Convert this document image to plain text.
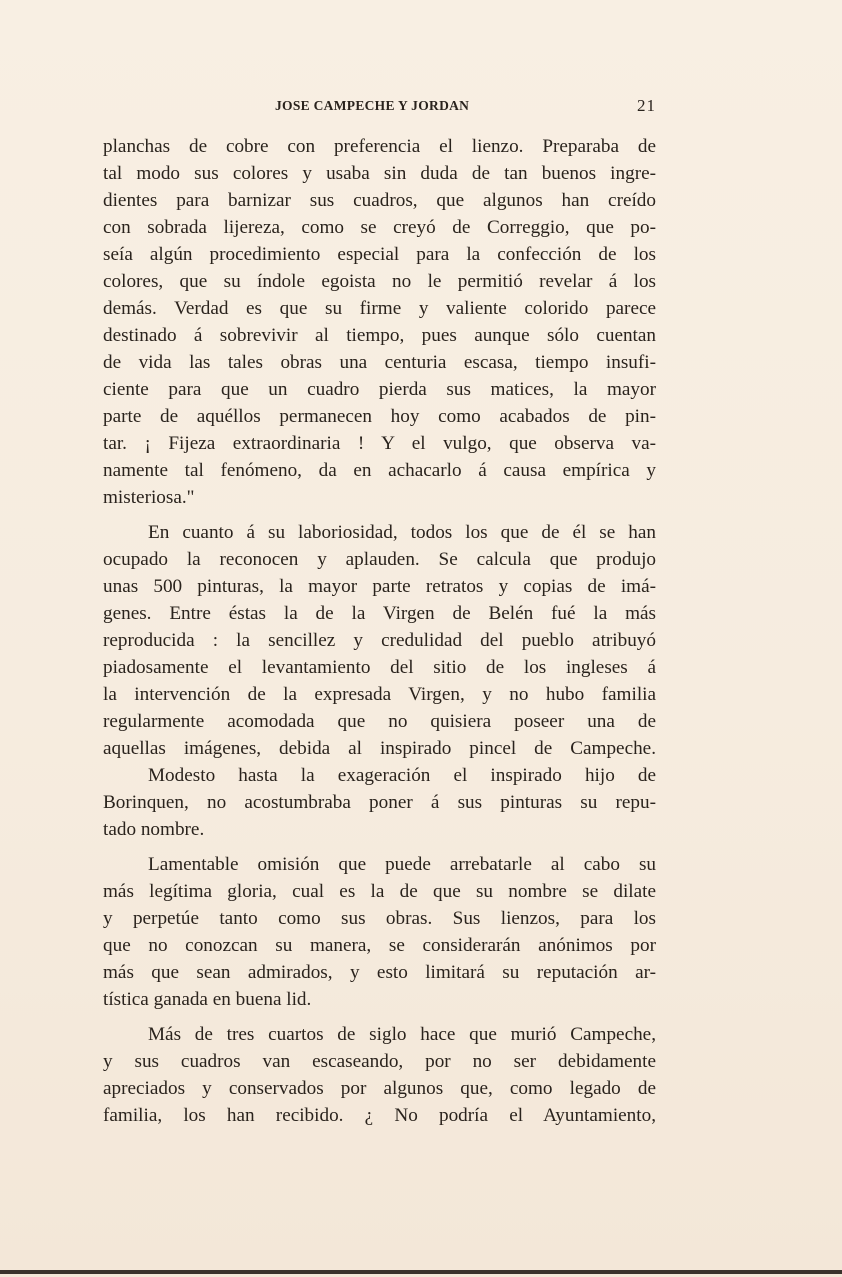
JOSE CAMPECHE Y JORDAN	21
planchas de cobre con preferencia el lienzo. Preparaba de
tal modo sus colores y usaba sin duda de tan buenos ingre-
dientes para barnizar sus cuadros, que algunos han creído
con sobrada lijereza, como se creyó de Correggio, que po-
seía algún procedimiento especial para la confección de los
colores, que su índole egoista no le permitió revelar á los
demás. Verdad es que su firme y valiente colorido parece
destinado á sobrevivir al tiempo, pues aunque sólo cuentan
de vida las tales obras una centuria escasa, tiempo insufi-
ciente para que un cuadro pierda sus matices, la mayor
parte de aquéllos permanecen hoy como acabados de pin-
tar. ¡ Fijeza extraordinaria ! Y el vulgo, que observa va-
namente tal fenómeno, da en achacarlo á causa empírica y
misteriosa."
En cuanto á su laboriosidad, todos los que de él se han
ocupado la reconocen y aplauden. Se calcula que produjo
unas 500 pinturas, la mayor parte retratos y copias de imá-
genes. Entre éstas la de la Virgen de Belén fué la más
reproducida : la sencillez y credulidad del pueblo atribuyó
piadosamente el levantamiento del sitio de los ingleses á
la intervención de la expresada Virgen, y no hubo familia
regularmente acomodada que no quisiera poseer una de
aquellas imágenes, debida al inspirado pincel de Campeche.
Modesto hasta la exageración el inspirado hijo de
Borinquen, no acostumbraba poner á sus pinturas su repu-
tado nombre.
Lamentable omisión que puede arrebatarle al cabo su
más legítima gloria, cual es la de que su nombre se dilate
y perpetúe tanto como sus obras. Sus lienzos, para los
que no conozcan su manera, se considerarán anónimos por
más que sean admirados, y esto limitará su reputación ar-
tística ganada en buena lid.
Más de tres cuartos de siglo hace que murió Campeche,
y sus cuadros van escaseando, por no ser debidamente
apreciados y conservados por algunos que, como legado de
familia, los han recibido. ¿ No podría el Ayuntamiento,
